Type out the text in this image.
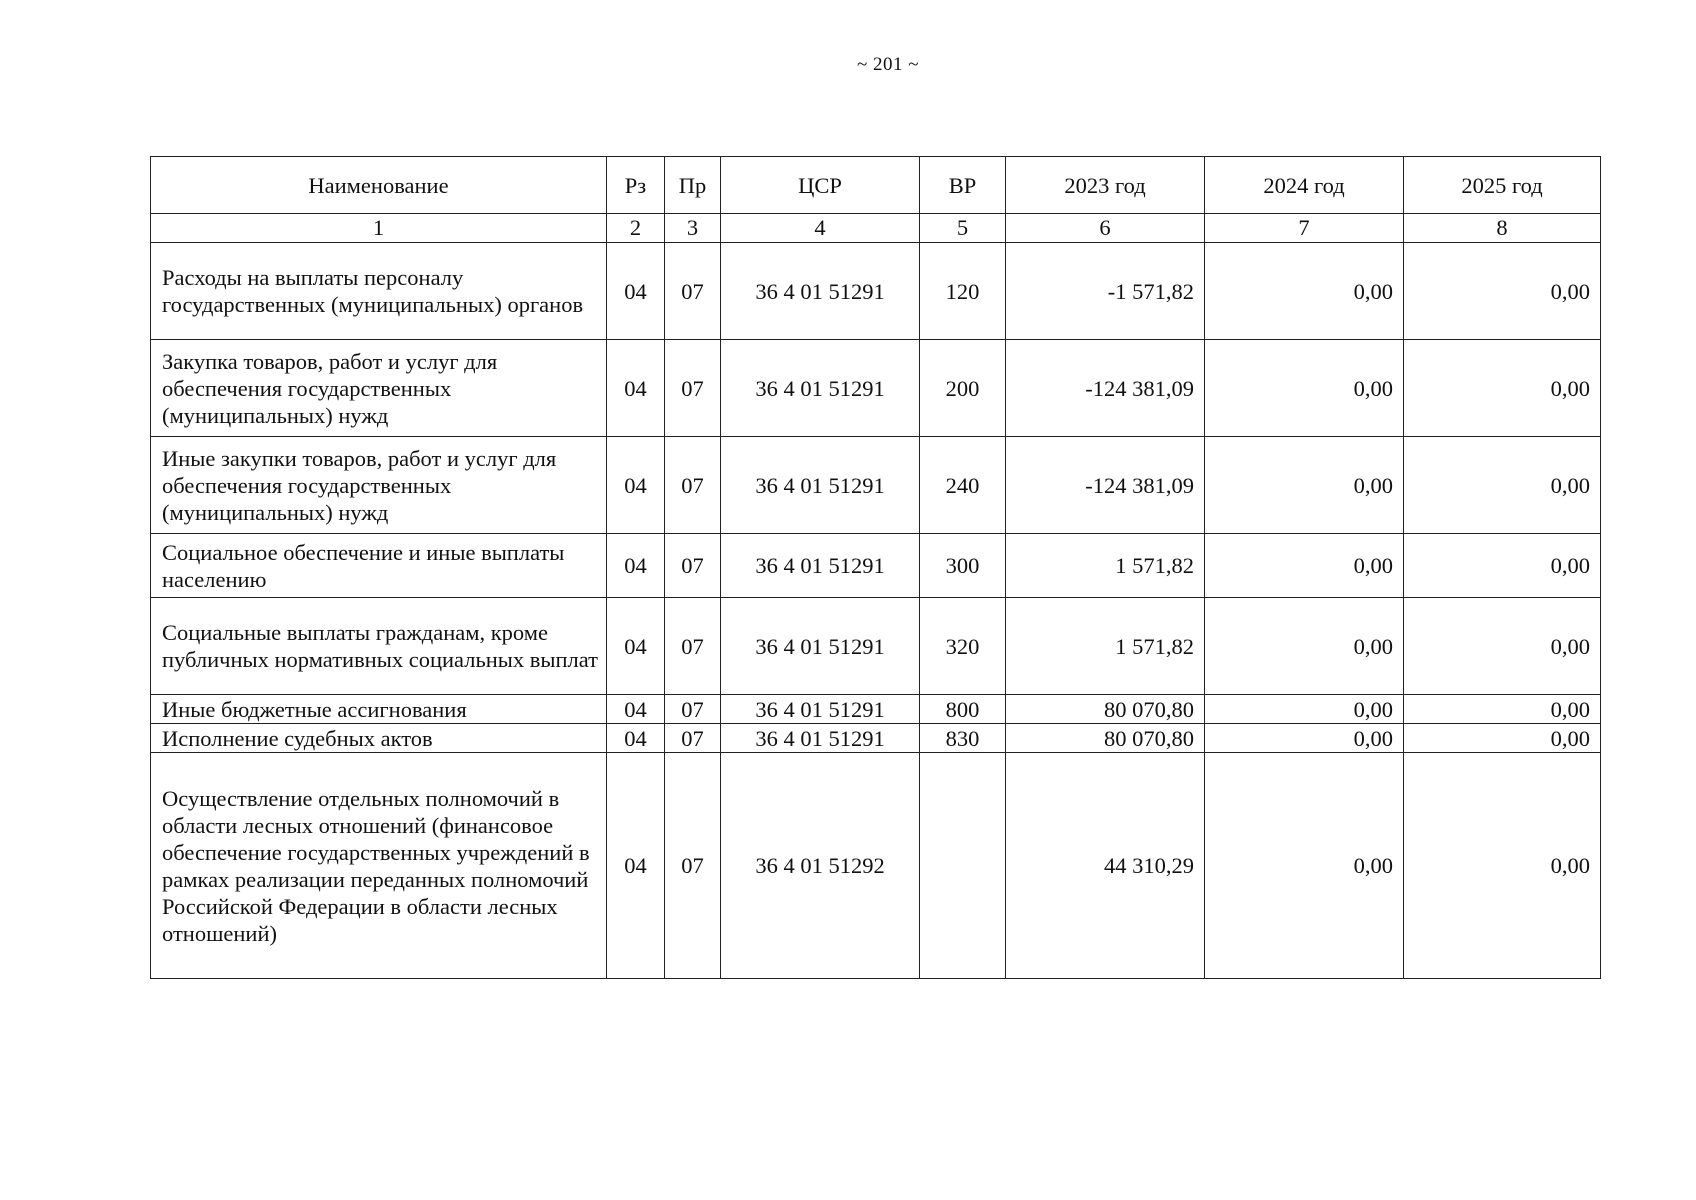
~ 201 ~
Наименование	Рз	Пр	ЦСР	ВР	2023 год	2024 год	2025 год
1	2	3	4	5	6	7	8
Расходы на выплаты персоналу государственных (муниципальных) органов	04	07	36 4 01 51291	120	-1 571,82	0,00	0,00
Закупка товаров, работ и услуг для обеспечения государственных (муниципальных) нужд	04	07	36 4 01 51291	200	-124 381,09	0,00	0,00
Иные закупки товаров, работ и услуг для обеспечения государственных (муниципальных) нужд	04	07	36 4 01 51291	240	-124 381,09	0,00	0,00
Социальное обеспечение и иные выплаты населению	04	07	36 4 01 51291	300	1 571,82	0,00	0,00
Социальные выплаты гражданам, кроме публичных нормативных социальных выплат	04	07	36 4 01 51291	320	1 571,82	0,00	0,00
Иные бюджетные ассигнования	04	07	36 4 01 51291	800	80 070,80	0,00	0,00
Исполнение судебных актов	04	07	36 4 01 51291	830	80 070,80	0,00	0,00
Осуществление отдельных полномочий в области лесных отношений (финансовое обеспечение государственных учреждений в рамках реализации переданных полномочий Российской Федерации в области лесных отношений)	04	07	36 4 01 51292		44 310,29	0,00	0,00
